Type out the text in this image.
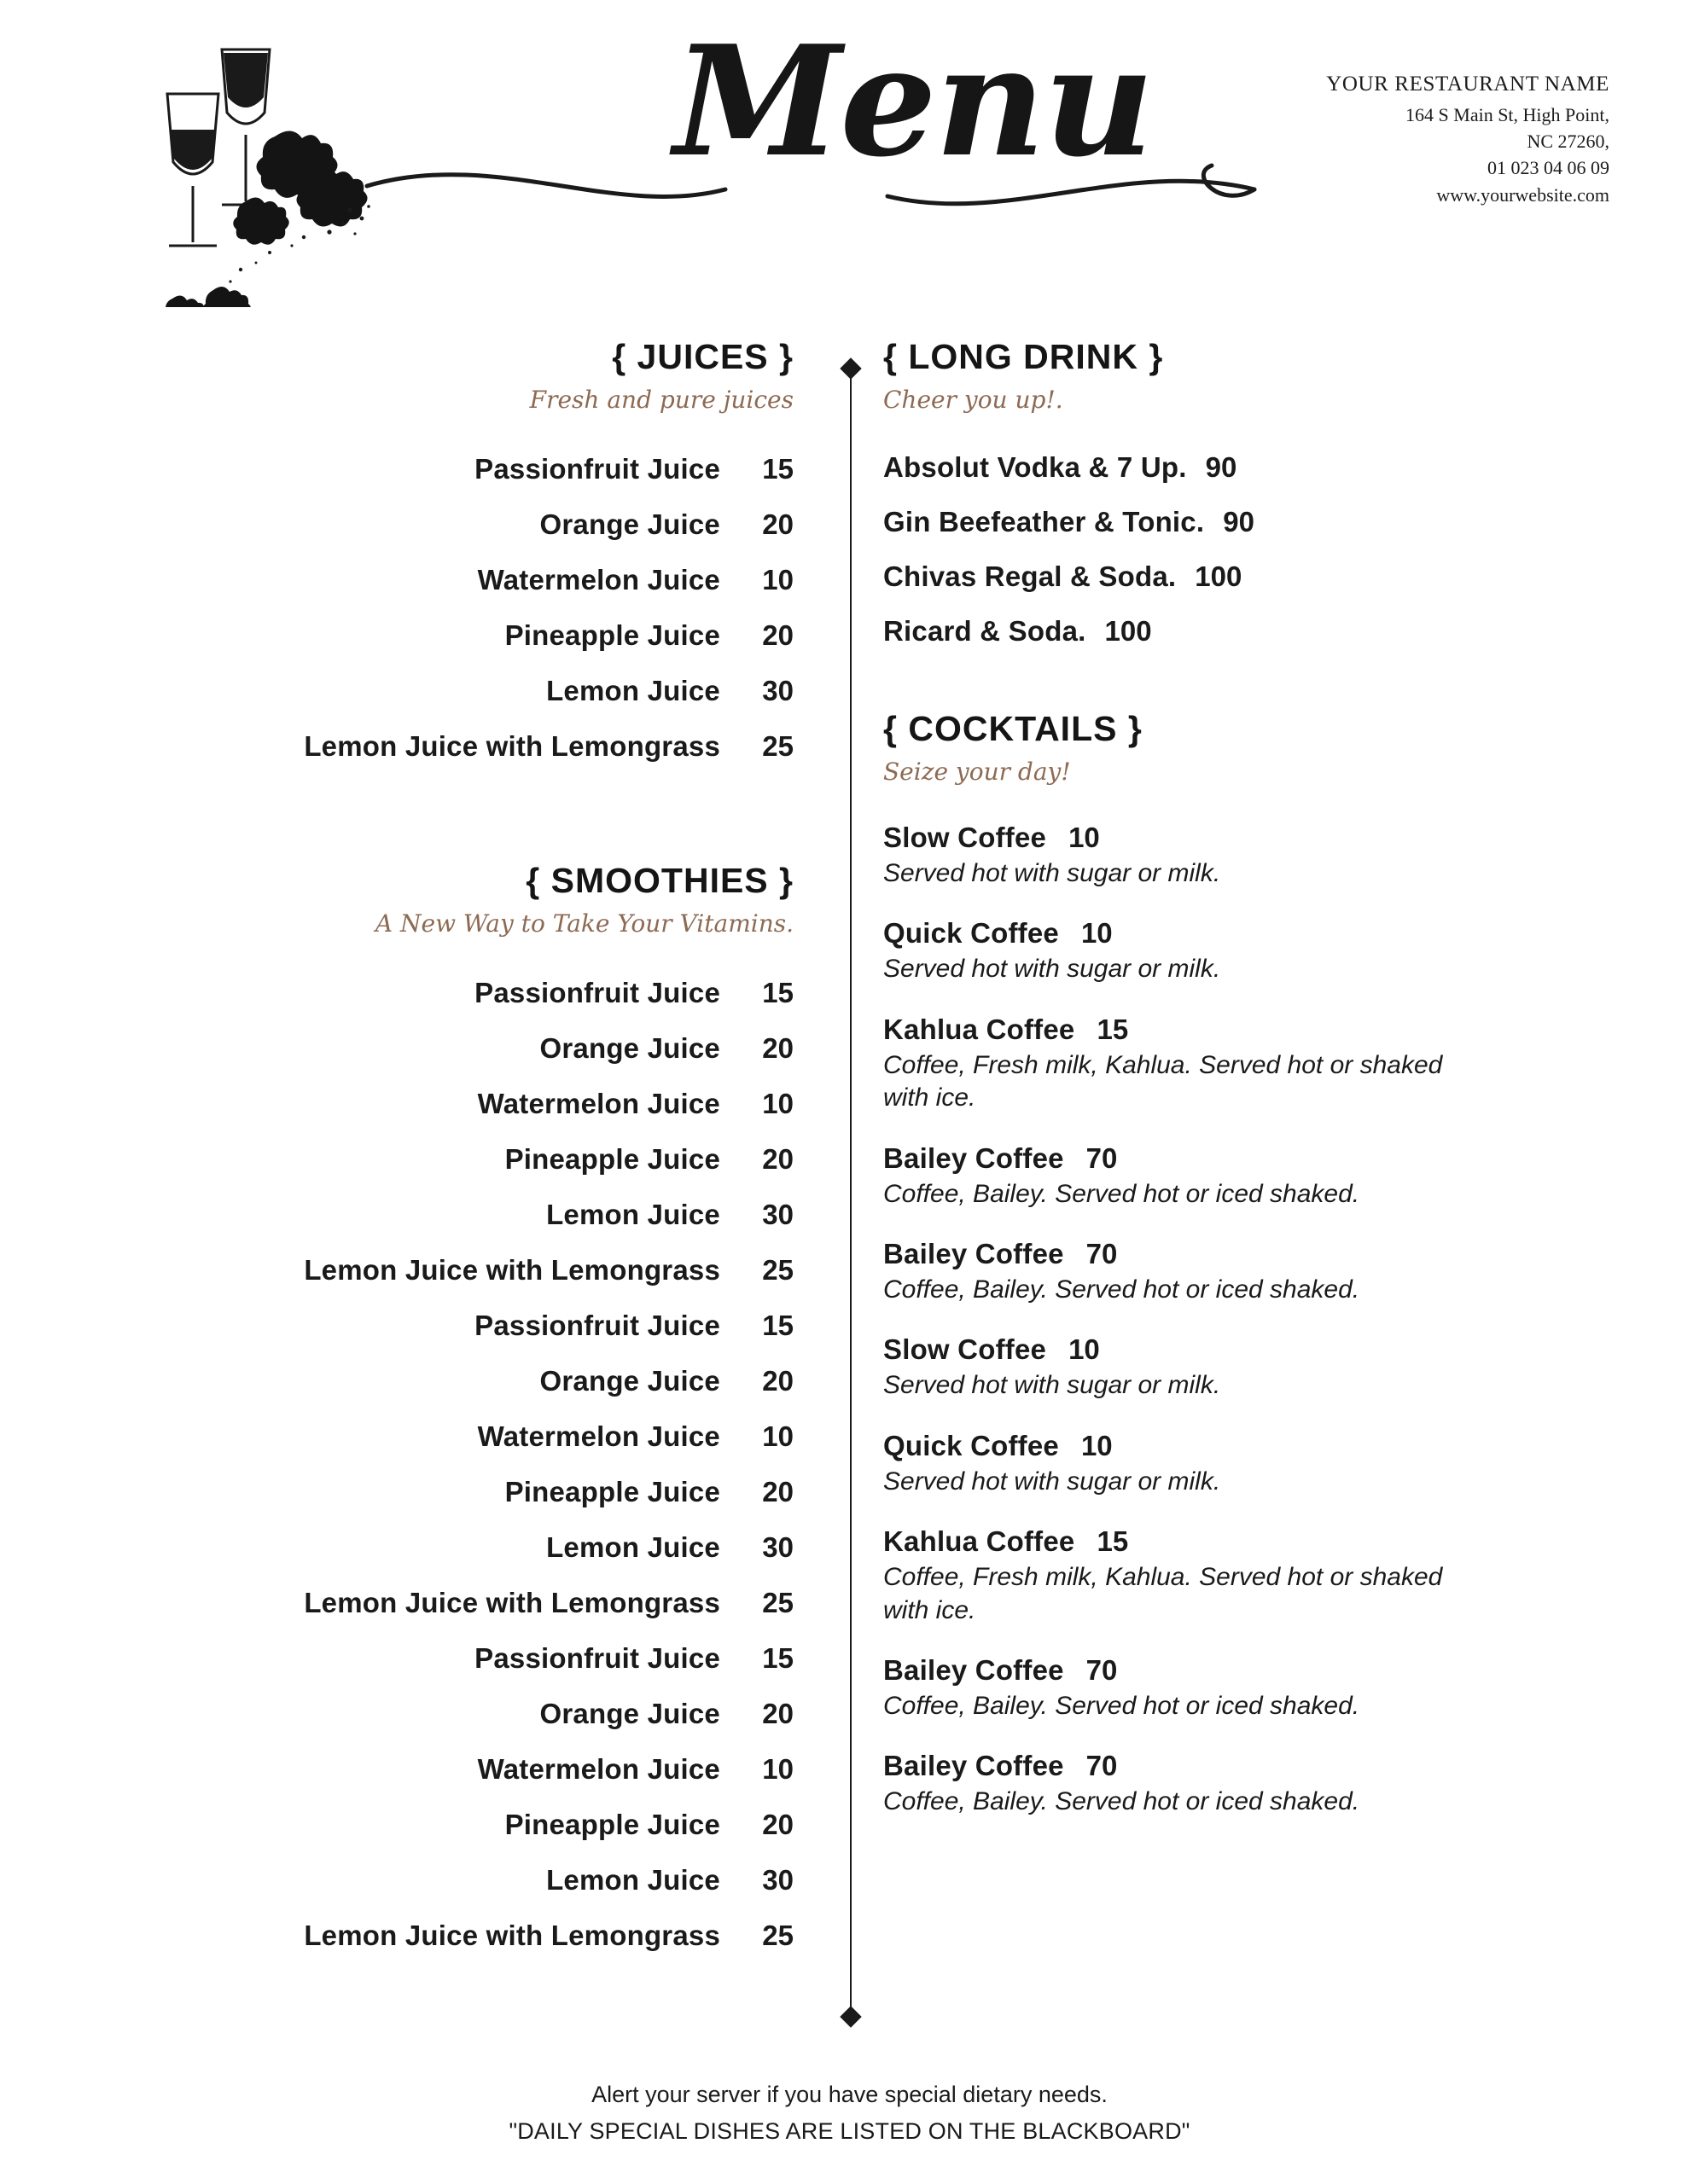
Menu	YOUR RESTAURANT NAME
164 S Main St, High Point,
NC 27260,
01 023 04 06 09
www.yourwebsite.com
{ JUICES }
Fresh and pure juices
Passionfruit Juice	15
Orange Juice	20
Watermelon Juice	10
Pineapple Juice	20
Lemon Juice	30
Lemon Juice with Lemongrass	25
{ SMOOTHIES }
A New Way to Take Your Vitamins.
Passionfruit Juice	15
Orange Juice	20
Watermelon Juice	10
Pineapple Juice	20
Lemon Juice	30
Lemon Juice with Lemongrass	25
Passionfruit Juice	15
Orange Juice	20
Watermelon Juice	10
Pineapple Juice	20
Lemon Juice	30
Lemon Juice with Lemongrass	25
Passionfruit Juice	15
Orange Juice	20
Watermelon Juice	10
Pineapple Juice	20
Lemon Juice	30
Lemon Juice with Lemongrass	25
{ LONG DRINK }
Cheer you up!.
Absolut Vodka & 7 Up. 90
Gin Beefeather & Tonic. 90
Chivas Regal & Soda. 100
Ricard & Soda. 100
{ COCKTAILS }
Seize your day!
Slow Coffee 10
Served hot with sugar or milk.
Quick Coffee 10
Served hot with sugar or milk.
Kahlua Coffee 15
Coffee, Fresh milk, Kahlua. Served hot or shaked with ice.
Bailey Coffee 70
Coffee, Bailey. Served hot or iced shaked.
Bailey Coffee 70
Coffee, Bailey. Served hot or iced shaked.
Slow Coffee 10
Served hot with sugar or milk.
Quick Coffee 10
Served hot with sugar or milk.
Kahlua Coffee 15
Coffee, Fresh milk, Kahlua. Served hot or shaked with ice.
Bailey Coffee 70
Coffee, Bailey. Served hot or iced shaked.
Bailey Coffee 70
Coffee, Bailey. Served hot or iced shaked.
Alert your server if you have special dietary needs.
"DAILY SPECIAL DISHES ARE LISTED ON THE BLACKBOARD"
